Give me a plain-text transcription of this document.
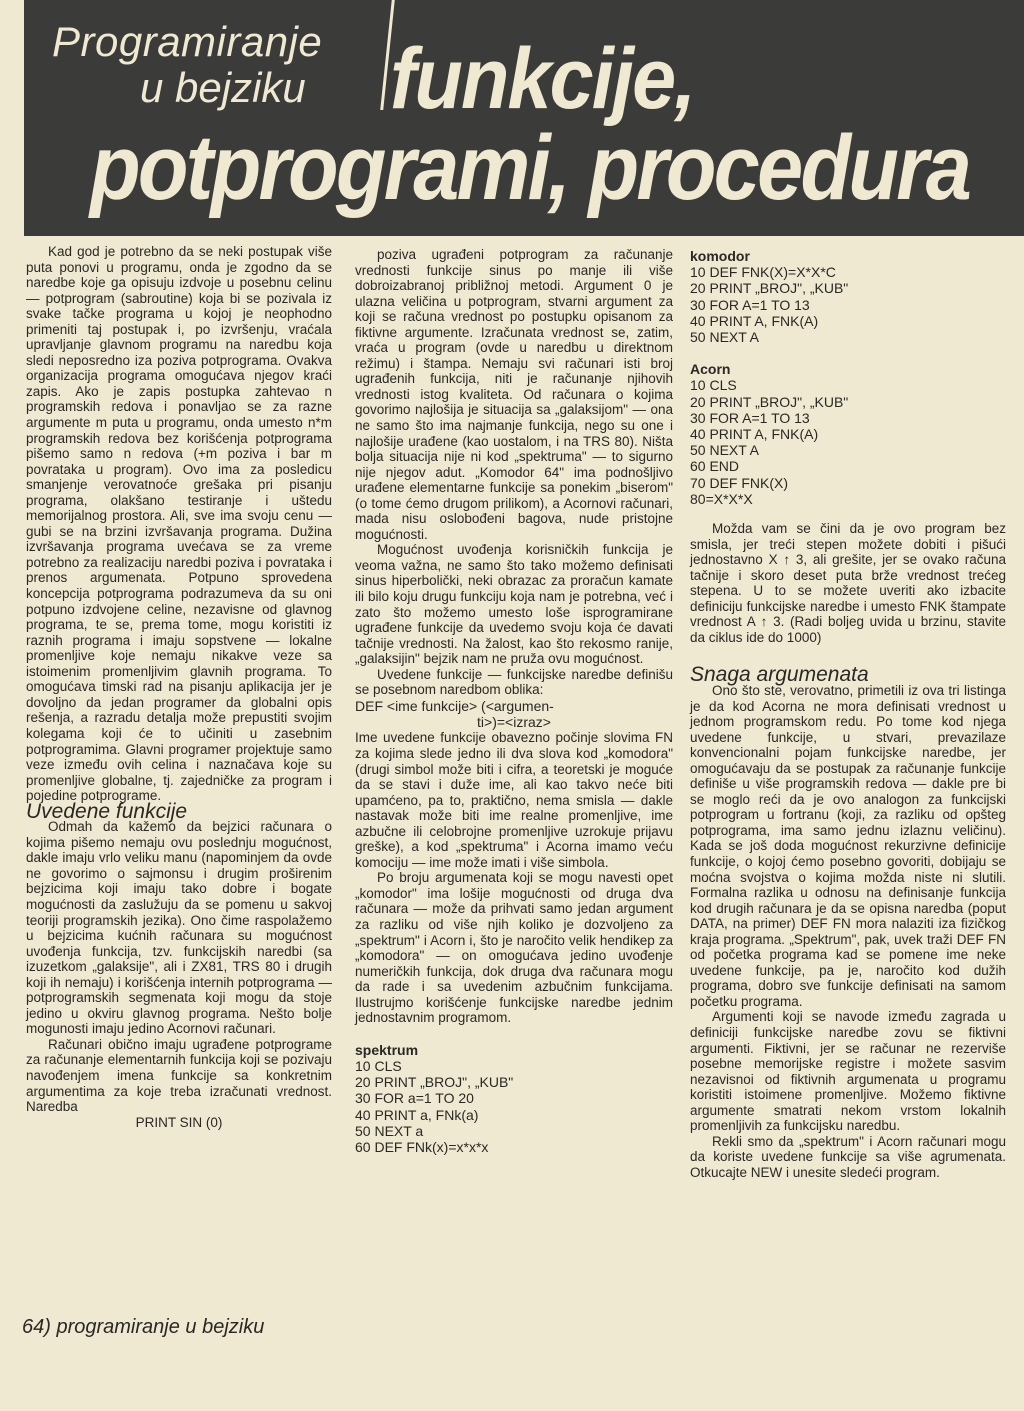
Programiranje
u bejziku funkcije,
potprogrami, procedura

Kad god je potrebno da se neki postupak više puta ponovi u programu, onda je zgodno da se naredbe koje ga opisuju izdvoje u posebnu celinu — potprogram (sabroutine) koja bi se pozivala iz svake tačke programa u kojoj je neophodno primeniti taj postupak i, po izvršenju, vraćala upravljanje glavnom programu na naredbu koja sledi neposredno iza poziva potprograma. Ovakva organizacija programa omogućava njegov kraći zapis. Ako je zapis postupka zahtevao n programskih redova i ponavljao se za razne argumente m puta u programu, onda umesto n*m programskih redova bez korišćenja potprograma pišemo samo n redova (+m poziva i bar m povrataka u program). Ovo ima za posledicu smanjenje verovatnoće grešaka pri pisanju programa, olakšano testiranje i uštedu memorijalnog prostora. Ali, sve ima svoju cenu — gubi se na brzini izvršavanja programa. Dužina izvršavanja programa uvećava se za vreme potrebno za realizaciju naredbi poziva i povrataka i prenos argumenata. Potpuno sprovedena koncepcija potprograma podrazumeva da su oni potpuno izdvojene celine, nezavisne od glavnog programa, te se, prema tome, mogu koristiti iz raznih programa i imaju sopstvene — lokalne promenljive koje nemaju nikakve veze sa istoimenim promenljivim glavnih programa. To omogućava timski rad na pisanju aplikacija jer je dovoljno da jedan programer da globalni opis rešenja, a razradu detalja može prepustiti svojim kolegama koji će to učiniti u zasebnim potprogramima. Glavni programer projektuje samo veze između ovih celina i naznačava koje su promenljive globalne, tj. zajedničke za program i pojedine potprograme.

Uvedene funkcije

Odmah da kažemo da bejzici računara o kojima pišemo nemaju ovu poslednju mogućnost, dakle imaju vrlo veliku manu (napominjem da ovde ne govorimo o sajmonsu i drugim proširenim bejzicima koji imaju tako dobre i bogate mogućnosti da zaslužuju da se pomenu u sakvoj teoriji programskih jezika). Ono čime raspolažemo u bejzicima kućnih računara su mogućnost uvođenja funkcija, tzv. funkcijskih naredbi (sa izuzetkom „galaksije", ali i ZX81, TRS 80 i drugih koji ih nemaju) i korišćenja internih potprograma — potprogramskih segmenata koji mogu da stoje jedino u okviru glavnog programa. Nešto bolje mogunosti imaju jedino Acornovi računari.

Računari obično imaju ugrađene potprograme za računanje elementarnih funkcija koji se pozivaju navođenjem imena funkcije sa konkretnim argumentima za koje treba izračunati vrednost. Naredba

PRINT SIN (0)

poziva ugrađeni potprogram za računanje vrednosti funkcije sinus po manje ili više dobroizabranoj približnoj metodi. Argument 0 je ulazna veličina u potprogram, stvarni argument za koji se računa vrednost po postupku opisanom za fiktivne argumente. Izračunata vrednost se, zatim, vraća u program (ovde u naredbu u direktnom režimu) i štampa. Nemaju svi računari isti broj ugrađenih funkcija, niti je računanje njihovih vrednosti istog kvaliteta. Od računara o kojima govorimo najlošija je situacija sa „galaksijom" — ona ne samo što ima najmanje funkcija, nego su one i najlošije urađene (kao uostalom, i na TRS 80). Ništa bolja situacija nije ni kod „spektruma" — to sigurno nije njegov adut. „Komodor 64" ima podnošljivo urađene elementarne funkcije sa ponekim „biserom" (o tome ćemo drugom prilikom), a Acornovi računari, mada nisu oslobođeni bagova, nude pristojne mogućnosti.

Mogućnost uvođenja korisničkih funkcija je veoma važna, ne samo što tako možemo definisati sinus hiperbolički, neki obrazac za proračun kamate ili bilo koju drugu funkciju koja nam je potrebna, već i zato što možemo umesto loše isprogramirane ugrađene funkcije da uvedemo svoju koja će davati tačnije vrednosti. Na žalost, kao što rekosmo ranije, „galaksijin" bejzik nam ne pruža ovu mogućnost.

Uvedene funkcije — funkcijske naredbe definišu se posebnom naredbom oblika:

DEF <ime funkcije> (<argumen-

ti>)=<izraz>

Ime uvedene funkcije obavezno počinje slovima FN za kojima slede jedno ili dva slova kod „komodora" (drugi simbol može biti i cifra, a teoretski je moguće da se stavi i duže ime, ali kao takvo neće biti upamćeno, pa to, praktično, nema smisla — dakle nastavak može biti ime realne promenljive, ime azbučne ili celobrojne promenljive uzrokuje prijavu greške), a kod „spektruma" i Acorna imamo veću komociju — ime može imati i više simbola.

Po broju argumenata koji se mogu navesti opet „komodor" ima lošije mogućnosti od druga dva računara — može da prihvati samo jedan argument za razliku od više njih koliko je dozvoljeno za „spektrum" i Acorn i, što je naročito velik hendikep za „komodora" — on omogućava jedino uvođenje numeričkih funkcija, dok druga dva računara mogu da rade i sa uvedenim azbučnim funkcijama. Ilustrujmo korišćenje funkcijske naredbe jednim jednostavnim programom.

spektrum
10 CLS
20 PRINT „BROJ", „KUB"
30 FOR a=1 TO 20
40 PRINT a, FNk(a)
50 NEXT a
60 DEF FNk(x)=x*x*x
komodor
10 DEF FNK(X)=X*X*C
20 PRINT „BROJ", „KUB"
30 FOR A=1 TO 13
40 PRINT A, FNK(A)
50 NEXT A
Acorn
10 CLS
20 PRINT „BROJ", „KUB"
30 FOR A=1 TO 13
40 PRINT A, FNK(A)
50 NEXT A
60 END
70 DEF FNK(X)
80=X*X*X

Možda vam se čini da je ovo program bez smisla, jer treći stepen možete dobiti i pišući jednostavno X ↑ 3, ali grešite, jer se ovako računa tačnije i skoro deset puta brže vrednost trećeg stepena. U to se možete uveriti ako izbacite definiciju funkcijske naredbe i umesto FNK štampate vrednost A ↑ 3. (Radi boljeg uvida u brzinu, stavite da ciklus ide do 1000)

Snaga argumenata

Ono što ste, verovatno, primetili iz ova tri listinga je da kod Acorna ne mora definisati vrednost u jednom programskom redu. Po tome kod njega uvedene funkcije, u stvari, prevazilaze konvencionalni pojam funkcijske naredbe, jer omogućavaju da se postupak za računanje funkcije definiše u više programskih redova — dakle pre bi se moglo reći da je ovo analogon za funkcijski potprogram u fortranu (koji, za razliku od opšteg potprograma, ima samo jednu izlaznu veličinu). Kada se još doda mogućnost rekurzivne definicije funkcije, o kojoj ćemo posebno govoriti, dobijaju se moćna svojstva o kojima možda niste ni slutili. Formalna razlika u odnosu na definisanje funkcija kod drugih računara je da se opisna naredba (poput DATA, na primer) DEF FN mora nalaziti iza fizičkog kraja programa. „Spektrum", pak, uvek traži DEF FN od početka programa kad se pomene ime neke uvedene funkcije, pa je, naročito kod dužih programa, dobro sve funkcije definisati na samom početku programa.

Argumenti koji se navode između zagrada u definiciji funkcijske naredbe zovu se fiktivni argumenti. Fiktivni, jer se računar ne rezerviše posebne memorijske registre i možete sasvim nezavisnoi od fiktivnih argumenata u programu koristiti istoimene promenljive. Možemo fiktivne argumente smatrati nekom vrstom lokalnih promenljivih za funkcijsku naredbu.

Rekli smo da „spektrum" i Acorn računari mogu da koriste uvedene funkcije sa više agrumenata. Otkucajte NEW i unesite sledeći program.

64) programiranje u bejziku
